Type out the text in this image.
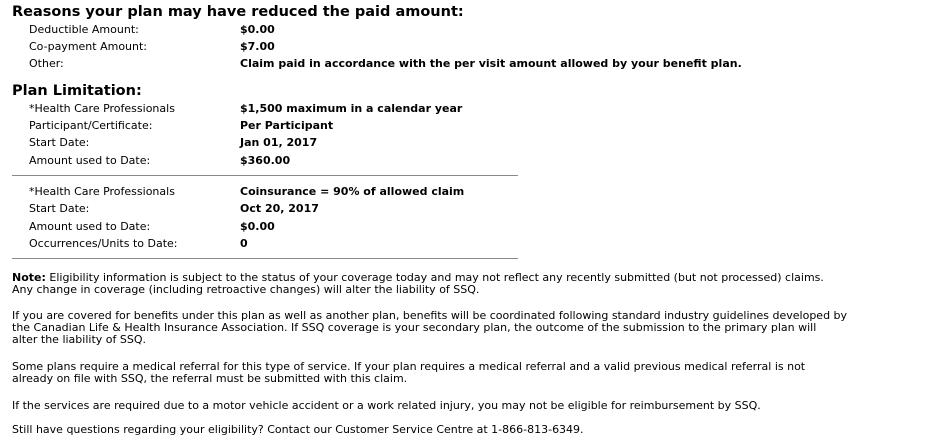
Reasons your plan may have reduced the paid amount:
Deductible Amount:	$0.00
Co-payment Amount:	$7.00
Other:	Claim paid in accordance with the per visit amount allowed by your benefit plan.
Plan Limitation:
*Health Care Professionals	$1,500 maximum in a calendar year
Participant/Certificate:	Per Participant
Start Date:	Jan 01, 2017
Amount used to Date:	$360.00
*Health Care Professionals	Coinsurance = 90% of allowed claim
Start Date:	Oct 20, 2017
Amount used to Date:	$0.00
Occurrences/Units to Date:	0
Note: Eligibility information is subject to the status of your coverage today and may not reflect any recently submitted (but not processed) claims.
Any change in coverage (including retroactive changes) will alter the liability of SSQ.
If you are covered for benefits under this plan as well as another plan, benefits will be coordinated following standard industry guidelines developed by
the Canadian Life & Health Insurance Association. If SSQ coverage is your secondary plan, the outcome of the submission to the primary plan will
alter the liability of SSQ.
Some plans require a medical referral for this type of service. If your plan requires a medical referral and a valid previous medical referral is not
already on file with SSQ, the referral must be submitted with this claim.
If the services are required due to a motor vehicle accident or a work related injury, you may not be eligible for reimbursement by SSQ.
Still have questions regarding your eligibility? Contact our Customer Service Centre at 1-866-813-6349.
